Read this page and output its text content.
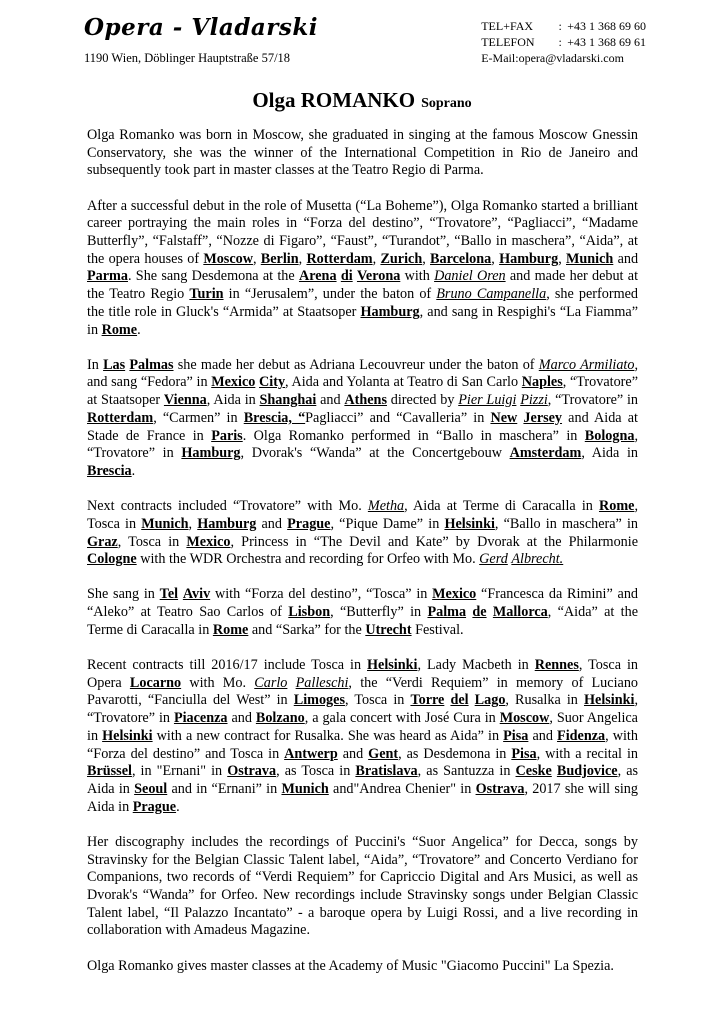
Opera - Vladarski
1190 Wien, Döblinger Hauptstraße 57/18
TEL+FAX	: +43 1 368 69 60
TELEFON	: +43 1 368 69 61
E-Mail : opera@vladarski.com
Olga ROMANKO Soprano

Olga Romanko was born in Moscow, she graduated in singing at the famous Moscow Gnessin Conservatory, she was the winner of the International Competition in Rio de Janeiro and subsequently took part in master classes at the Teatro Regio di Parma.

After a successful debut in the role of Musetta (“La Boheme”), Olga Romanko started a brilliant career portraying the main roles in “Forza del destino”, “Trovatore”, “Pagliacci”, “Madame Butterfly”, “Falstaff”, “Nozze di Figaro”, “Faust”, “Turandot”, “Ballo in maschera”, “Aida”, at the opera houses of Moscow, Berlin, Rotterdam, Zurich, Barcelona, Hamburg, Munich and Parma. She sang Desdemona at the Arena di Verona with Daniel Oren and made her debut at the Teatro Regio Turin in “Jerusalem”, under the baton of Bruno Campanella, she performed the title role in Gluck's “Armida” at Staatsoper Hamburg, and sang in Respighi's “La Fiamma” in Rome.

In Las Palmas she made her debut as Adriana Lecouvreur under the baton of Marco Armiliato, and sang “Fedora” in Mexico City, Aida and Yolanta at Teatro di San Carlo Naples, “Trovatore” at Staatsoper Vienna, Aida in Shanghai and Athens directed by Pier Luigi Pizzi, “Trovatore” in Rotterdam, “Carmen” in Brescia, “Pagliacci” and “Cavalleria” in New Jersey and Aida at Stade de France in Paris. Olga Romanko performed in “Ballo in maschera” in Bologna, “Trovatore” in Hamburg, Dvorak's “Wanda” at the Concertgebouw Amsterdam, Aida in Brescia.

Next contracts included “Trovatore” with Mo. Metha, Aida at Terme di Caracalla in Rome, Tosca in Munich, Hamburg and Prague, “Pique Dame” in Helsinki, “Ballo in maschera” in Graz, Tosca in Mexico, Princess in “The Devil and Kate” by Dvorak at the Philarmonie Cologne with the WDR Orchestra and recording for Orfeo with Mo. Gerd Albrecht.

She sang in Tel Aviv with “Forza del destino”, “Tosca” in Mexico “Francesca da Rimini” and “Aleko” at Teatro Sao Carlos of Lisbon, “Butterfly” in Palma de Mallorca, “Aida” at the Terme di Caracalla in Rome and “Sarka” for the Utrecht Festival.

Recent contracts till 2016/17 include Tosca in Helsinki, Lady Macbeth in Rennes, Tosca in Opera Locarno with Mo. Carlo Palleschi, the “Verdi Requiem” in memory of Luciano Pavarotti, “Fanciulla del West” in Limoges, Tosca in Torre del Lago, Rusalka in Helsinki, “Trovatore” in Piacenza and Bolzano, a gala concert with José Cura in Moscow, Suor Angelica in Helsinki with a new contract for Rusalka. She was heard as Aida” in Pisa and Fidenza, with “Forza del destino” and Tosca in Antwerp and Gent, as Desdemona in Pisa, with a recital in Brüssel, in "Ernani" in Ostrava, as Tosca in Bratislava, as Santuzza in Ceske Budjovice, as Aida in Seoul and in “Ernani” in Munich and"Andrea Chenier" in Ostrava, 2017 she will sing Aida in Prague.

Her discography includes the recordings of Puccini's “Suor Angelica” for Decca, songs by Stravinsky for the Belgian Classic Talent label, “Aida”, “Trovatore” and Concerto Verdiano for Companions, two records of “Verdi Requiem” for Capriccio Digital and Ars Musici, as well as Dvorak's “Wanda” for Orfeo. New recordings include Stravinsky songs under Belgian Classic Talent label, “Il Palazzo Incantato” - a baroque opera by Luigi Rossi, and a live recording in collaboration with Amadeus Magazine.

Olga Romanko gives master classes at the Academy of Music "Giacomo Puccini" La Spezia.
